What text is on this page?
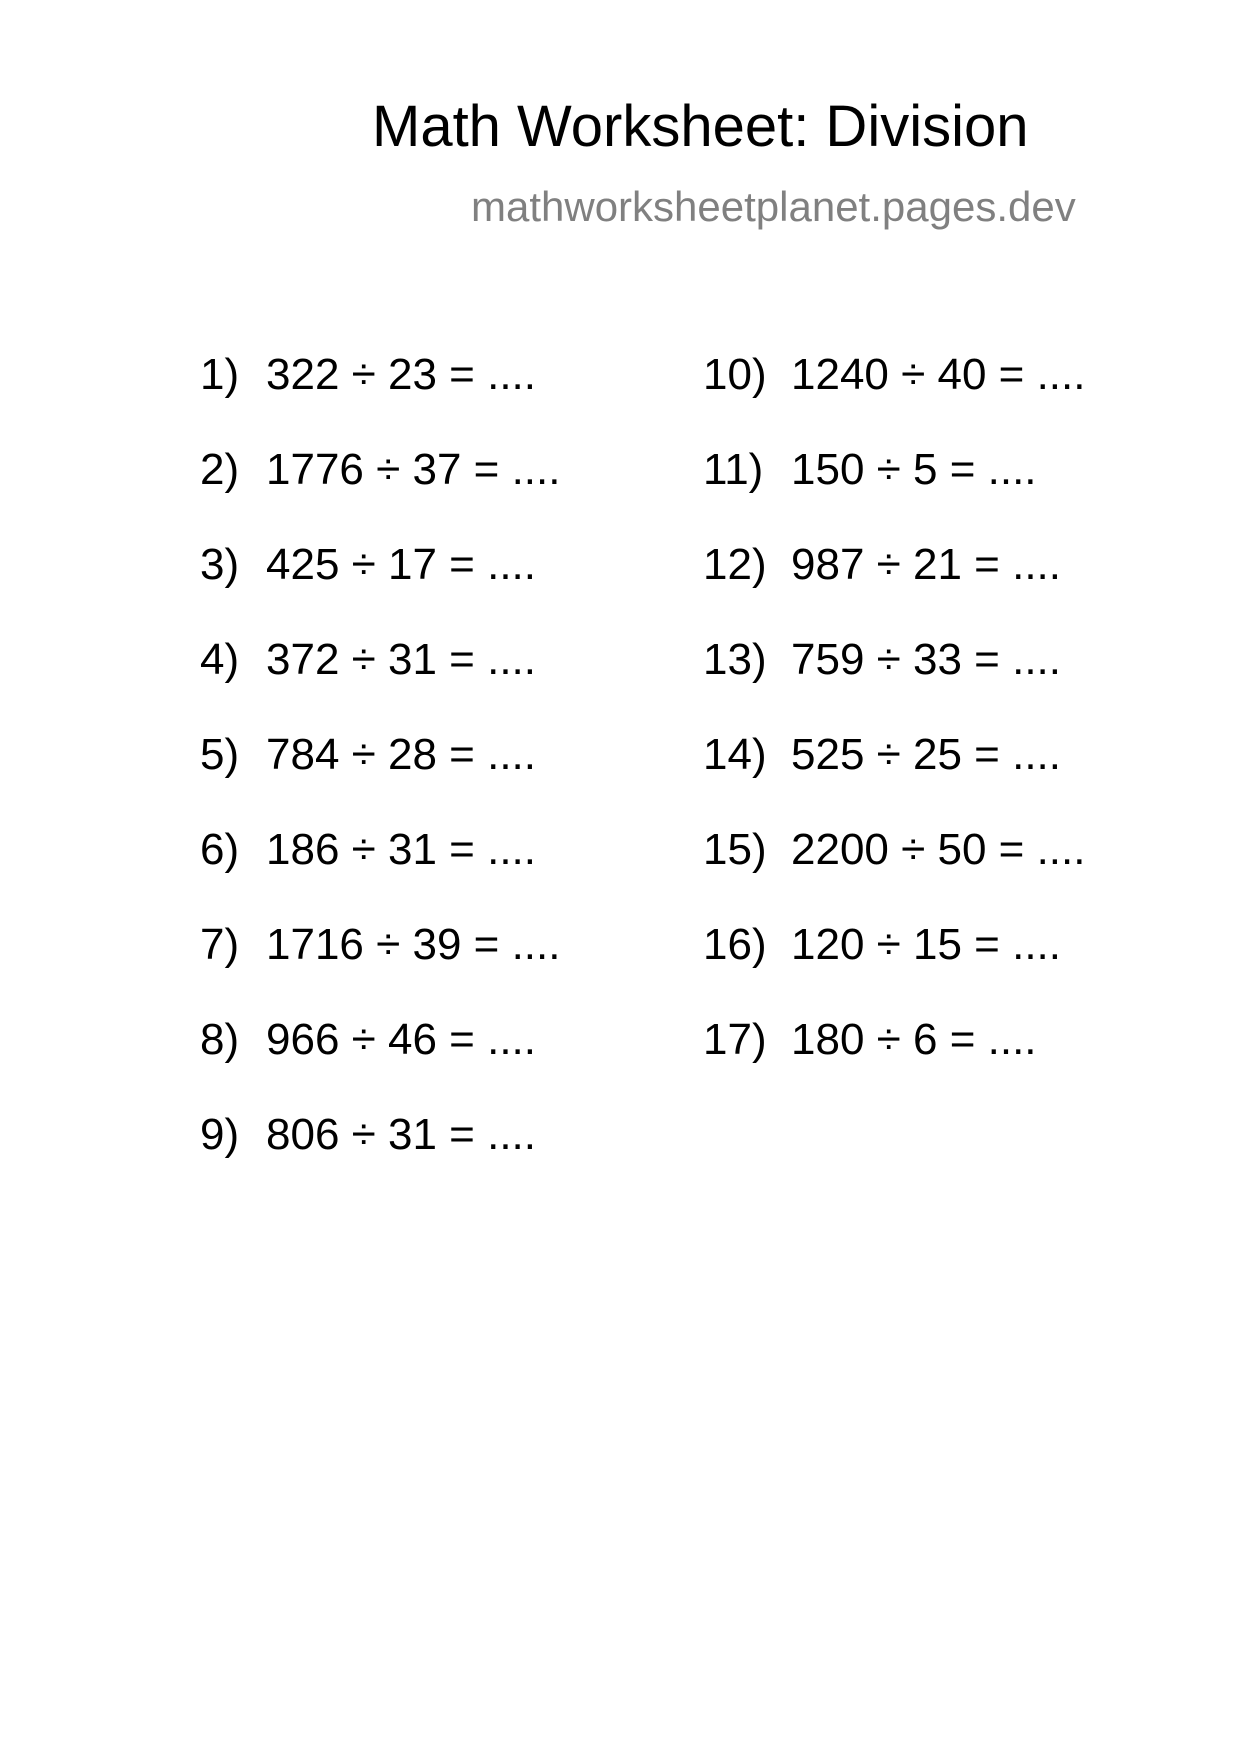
Math Worksheet: Division
mathworksheetplanet.pages.dev
1) 322 ÷ 23 = ....
2) 1776 ÷ 37 = ....
3) 425 ÷ 17 = ....
4) 372 ÷ 31 = ....
5) 784 ÷ 28 = ....
6) 186 ÷ 31 = ....
7) 1716 ÷ 39 = ....
8) 966 ÷ 46 = ....
9) 806 ÷ 31 = ....
10) 1240 ÷ 40 = ....
11) 150 ÷ 5 = ....
12) 987 ÷ 21 = ....
13) 759 ÷ 33 = ....
14) 525 ÷ 25 = ....
15) 2200 ÷ 50 = ....
16) 120 ÷ 15 = ....
17) 180 ÷ 6 = ....
